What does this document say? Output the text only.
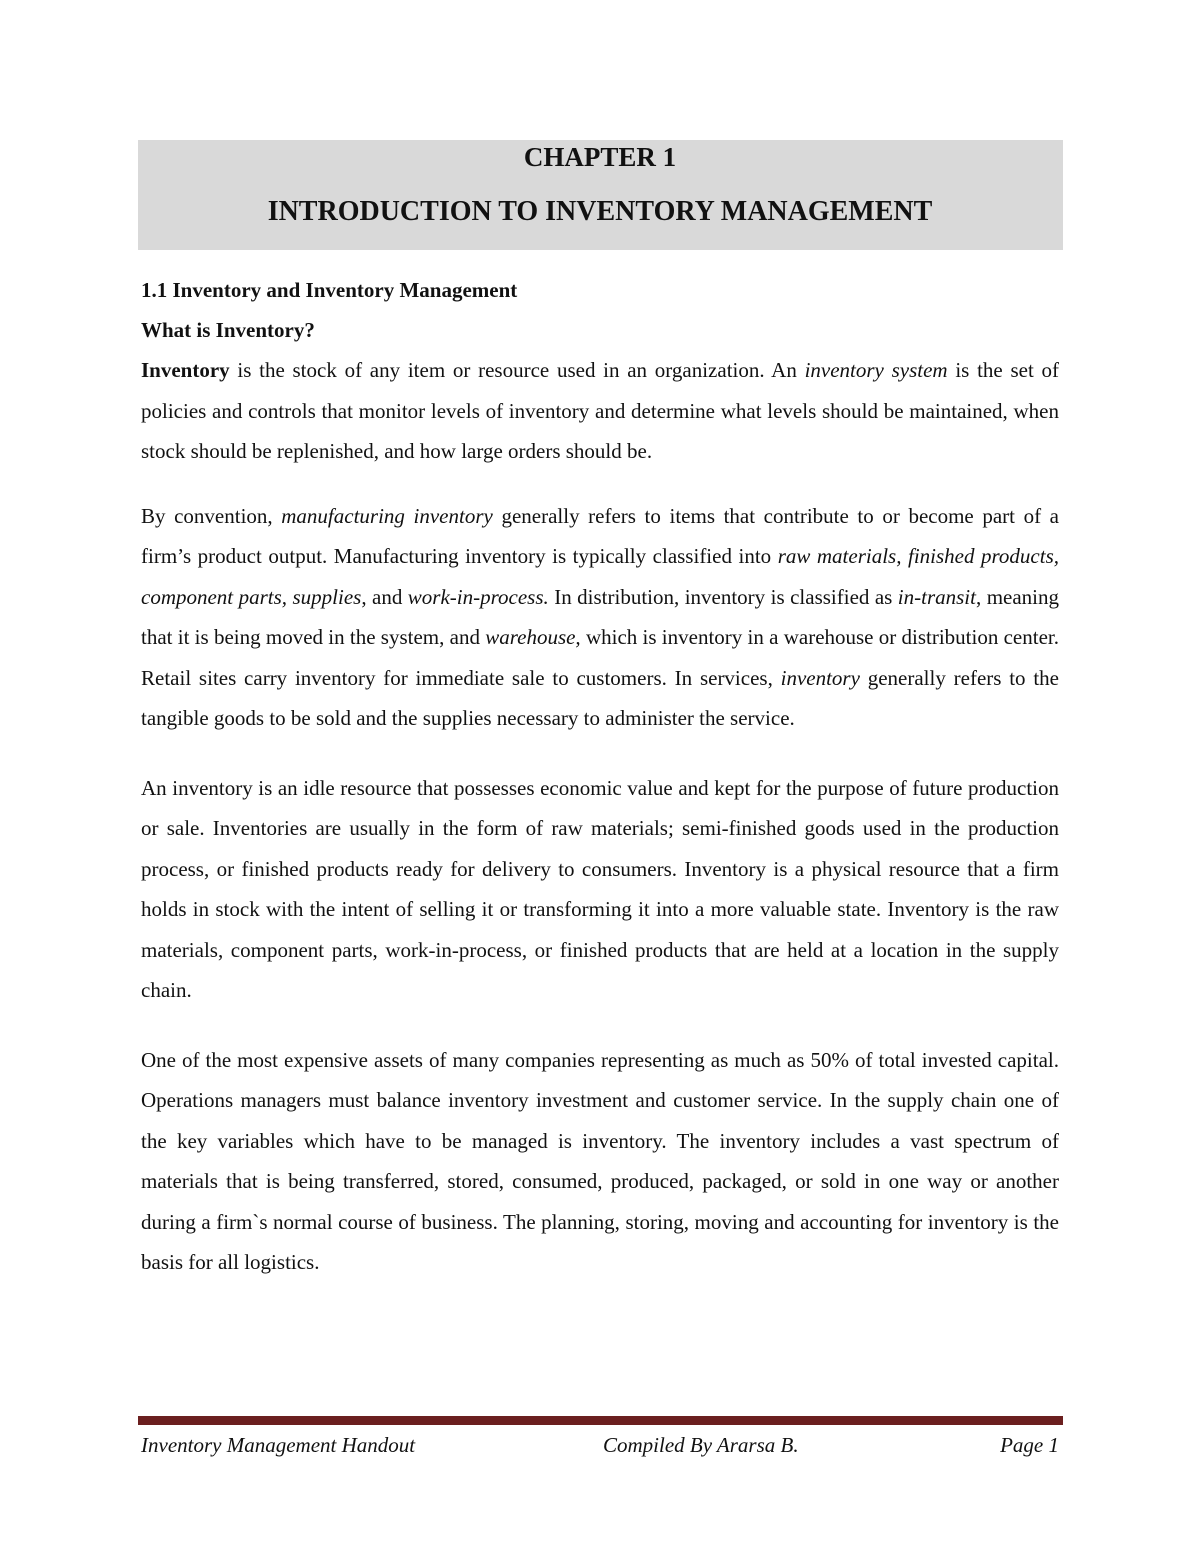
CHAPTER 1
INTRODUCTION TO INVENTORY MANAGEMENT
1.1 Inventory and Inventory Management
What is Inventory?

Inventory is the stock of any item or resource used in an organization. An inventory system is the set of policies and controls that monitor levels of inventory and determine what levels should be maintained, when stock should be replenished, and how large orders should be.

By convention, manufacturing inventory generally refers to items that contribute to or become part of a firm’s product output. Manufacturing inventory is typically classified into raw materials, finished products, component parts, supplies, and work-in-process. In distribution, inventory is classified as in-transit, meaning that it is being moved in the system, and warehouse, which is inventory in a warehouse or distribution center. Retail sites carry inventory for immediate sale to customers. In services, inventory generally refers to the tangible goods to be sold and the supplies necessary to administer the service.

An inventory is an idle resource that possesses economic value and kept for the purpose of future production or sale. Inventories are usually in the form of raw materials; semi-finished goods used in the production process, or finished products ready for delivery to consumers. Inventory is a physical resource that a firm holds in stock with the intent of selling it or transforming it into a more valuable state. Inventory is the raw materials, component parts, work-in-process, or finished products that are held at a location in the supply chain.

One of the most expensive assets of many companies representing as much as 50% of total invested capital. Operations managers must balance inventory investment and customer service. In the supply chain one of the key variables which have to be managed is inventory. The inventory includes a vast spectrum of materials that is being transferred, stored, consumed, produced, packaged, or sold in one way or another during a firm`s normal course of business. The planning, storing, moving and accounting for inventory is the basis for all logistics.

Inventory Management Handout	Compiled By Ararsa B.	Page 1
